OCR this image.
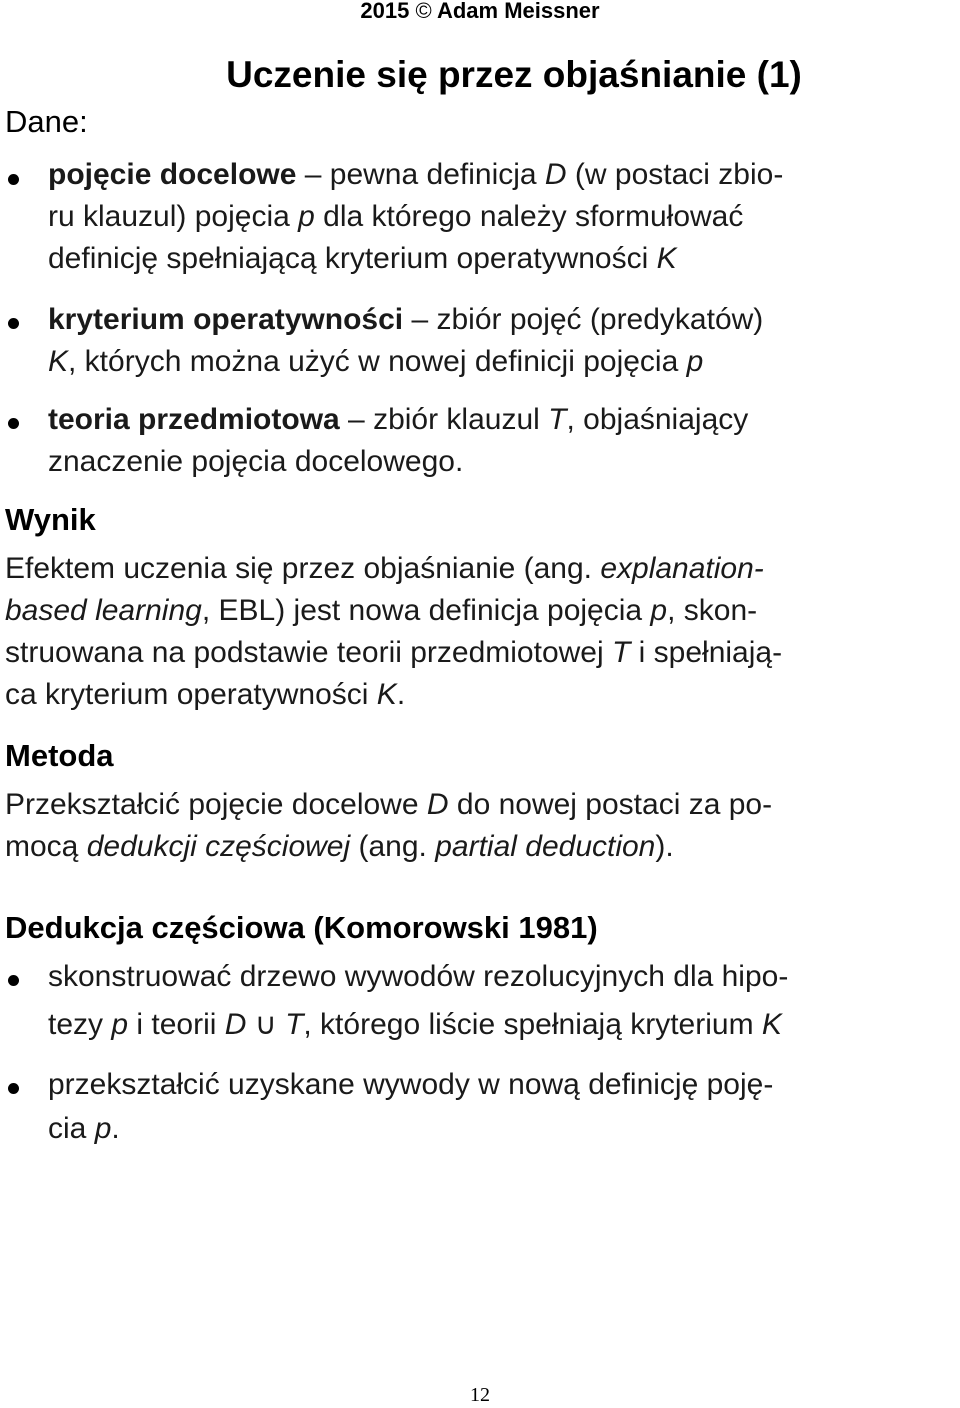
2015 © Adam Meissner
Uczenie się przez objaśnianie (1)
Dane:
pojęcie docelowe – pewna definicja D (w postaci zbio-
ru klauzul) pojęcia p dla którego należy sformułować
definicję spełniającą kryterium operatywności K
kryterium operatywności – zbiór pojęć (predykatów)
K, których można użyć w nowej definicji pojęcia p
teoria przedmiotowa – zbiór klauzul T, objaśniający
znaczenie pojęcia docelowego.
Wynik
Efektem uczenia się przez objaśnianie (ang. explanation-
based learning, EBL) jest nowa definicja pojęcia p, skon-
struowana na podstawie teorii przedmiotowej T i spełniają-
ca kryterium operatywności K.
Metoda
Przekształcić pojęcie docelowe D do nowej postaci za po-
mocą dedukcji częściowej (ang. partial deduction).
Dedukcja częściowa (Komorowski 1981)
skonstruować drzewo wywodów rezolucyjnych dla hipo-
tezy p i teorii D ∪ T, którego liście spełniają kryterium K
przekształcić uzyskane wywody w nową definicję poję-
cia p.
12
